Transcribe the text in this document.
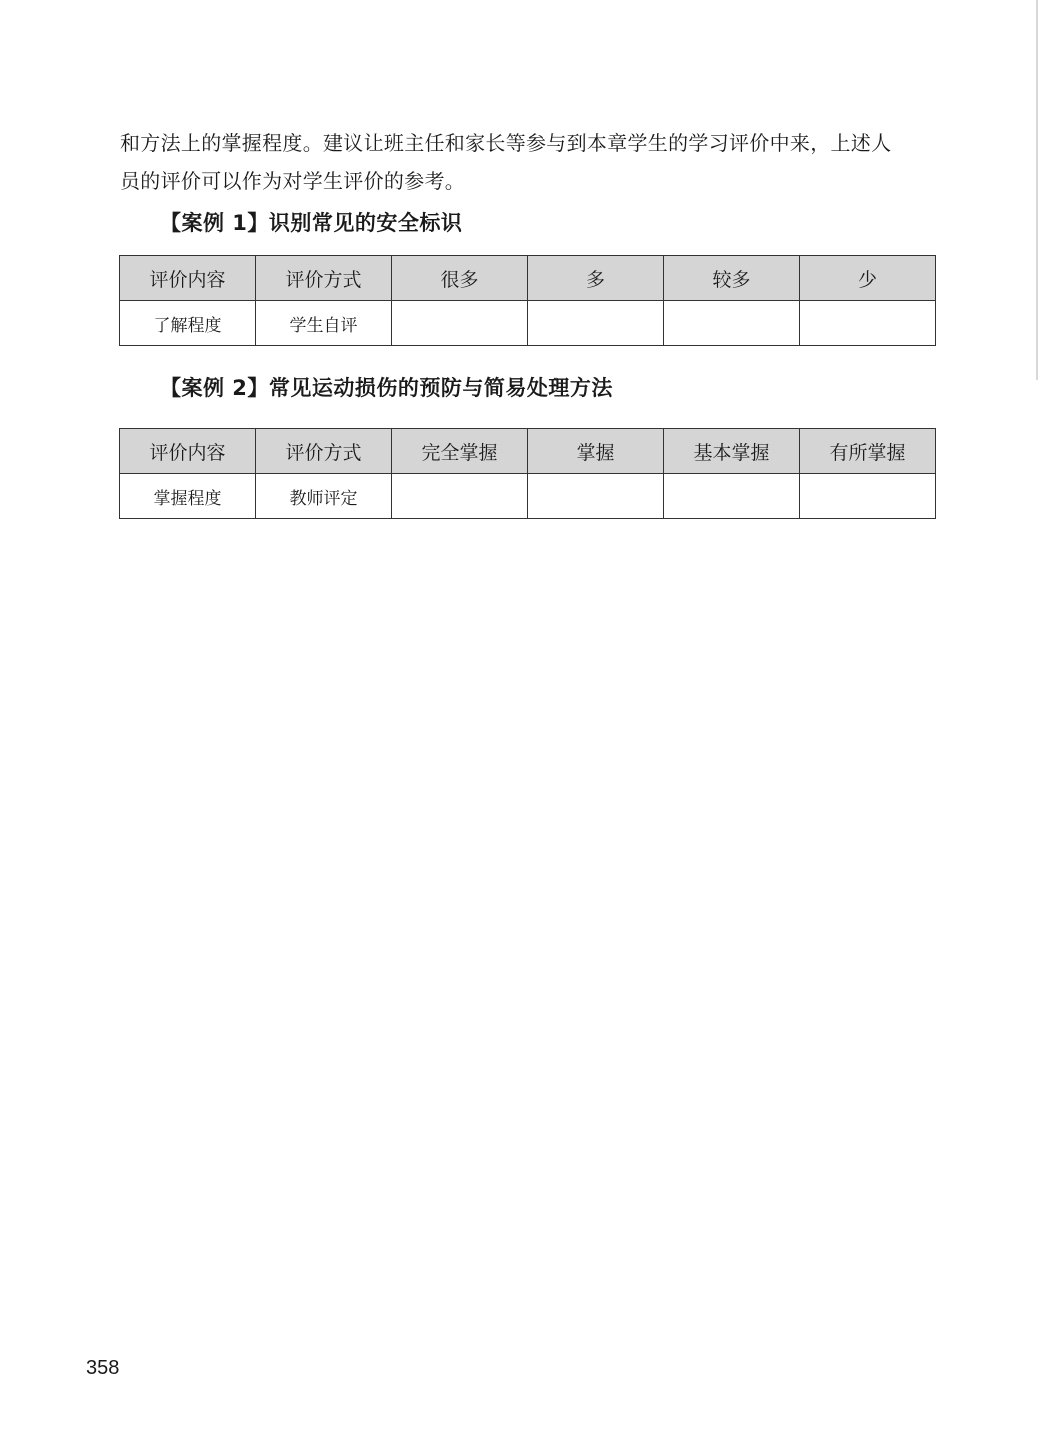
和方法上的掌握程度。建议让班主任和家长等参与到本章学生的学习评价中来，上述人

员的评价可以作为对学生评价的参考。

【案例 1】识别常见的安全标识
评价内容	评价方式	很多	多	较多	少
了解程度	学生自评				
【案例 2】常见运动损伤的预防与简易处理方法
评价内容	评价方式	完全掌握	掌握	基本掌握	有所掌握
掌握程度	教师评定				

358
